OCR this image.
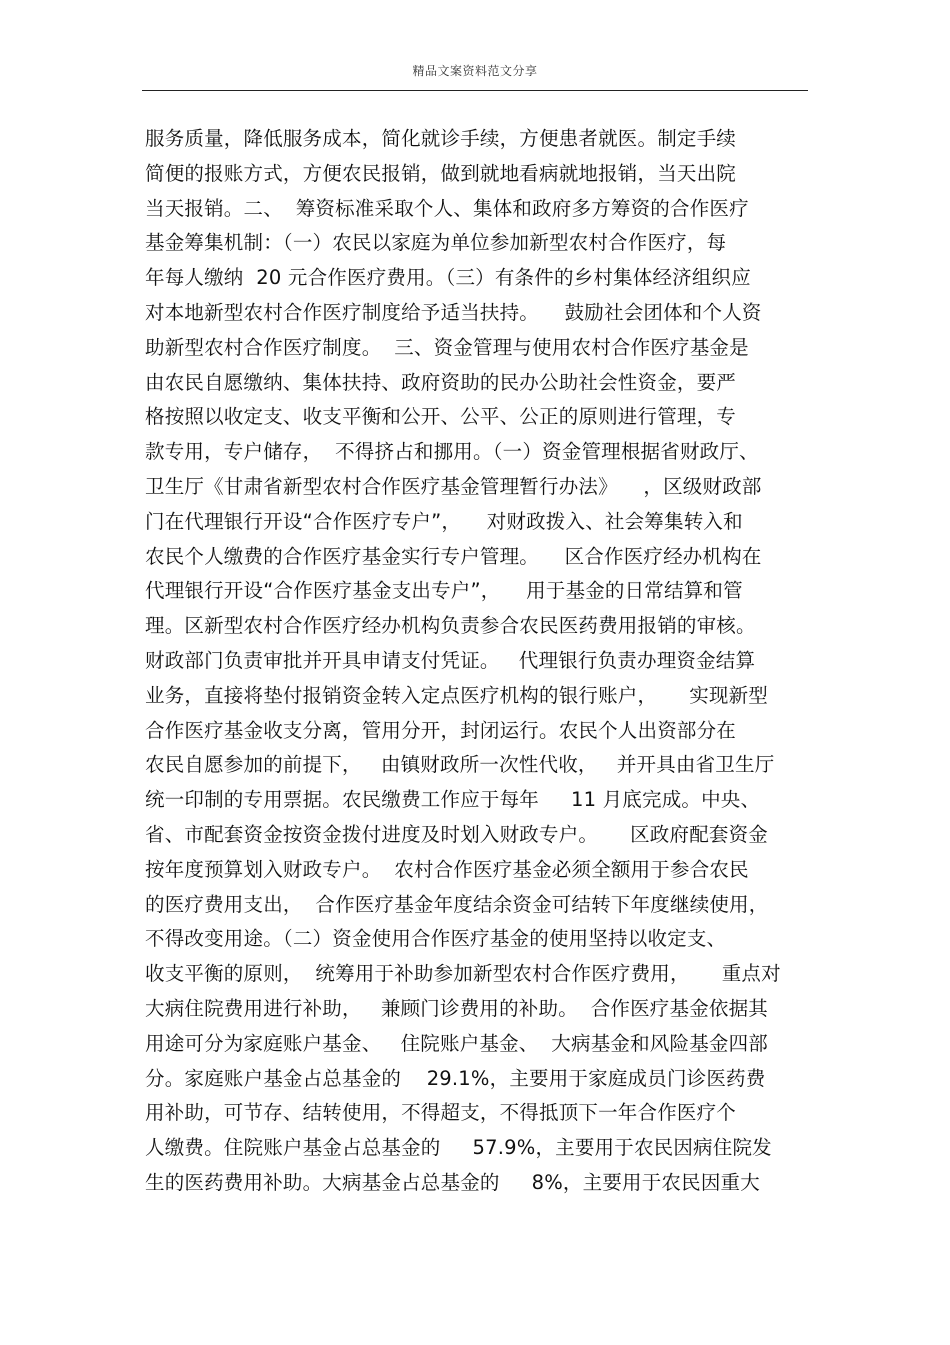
精品文案资料范文分享
服务质量，降低服务成本，简化就诊手续，方便患者就医。制定手续
简便的报账方式，方便农民报销，做到就地看病就地报销，当天出院
当天报销。二、  筹资标准采取个人、集体和政府多方筹资的合作医疗
基金筹集机制：（一）农民以家庭为单位参加新型农村合作医疗，每
年每人缴纳  20 元合作医疗费用。（三）有条件的乡村集体经济组织应
对本地新型农村合作医疗制度给予适当扶持。    鼓励社会团体和个人资
助新型农村合作医疗制度。  三、资金管理与使用农村合作医疗基金是
由农民自愿缴纳、集体扶持、政府资助的民办公助社会性资金，要严
格按照以收定支、收支平衡和公开、公平、公正的原则进行管理，专
款专用，专户储存，  不得挤占和挪用。（一）资金管理根据省财政厅、
卫生厅《甘肃省新型农村合作医疗基金管理暂行办法》    ，区级财政部
门在代理银行开设“合作医疗专户”，    对财政拨入、社会筹集转入和
农民个人缴费的合作医疗基金实行专户管理。    区合作医疗经办机构在
代理银行开设“合作医疗基金支出专户”，    用于基金的日常结算和管
理。区新型农村合作医疗经办机构负责参合农民医药费用报销的审核。
财政部门负责审批并开具申请支付凭证。   代理银行负责办理资金结算
业务，直接将垫付报销资金转入定点医疗机构的银行账户，     实现新型
合作医疗基金收支分离，管用分开，封闭运行。农民个人出资部分在
农民自愿参加的前提下，   由镇财政所一次性代收，   并开具由省卫生厅
统一印制的专用票据。农民缴费工作应于每年     11 月底完成。中央、
省、市配套资金按资金拨付进度及时划入财政专户。     区政府配套资金
按年度预算划入财政专户。  农村合作医疗基金必须全额用于参合农民
的医疗费用支出，  合作医疗基金年度结余资金可结转下年度继续使用，
不得改变用途。（二）资金使用合作医疗基金的使用坚持以收定支、
收支平衡的原则，  统筹用于补助参加新型农村合作医疗费用，     重点对
大病住院费用进行补助，   兼顾门诊费用的补助。  合作医疗基金依据其
用途可分为家庭账户基金、   住院账户基金、  大病基金和风险基金四部
分。家庭账户基金占总基金的    29.1%，主要用于家庭成员门诊医药费
用补助，可节存、结转使用，不得超支，不得抵顶下一年合作医疗个
人缴费。住院账户基金占总基金的     57.9%，主要用于农民因病住院发
生的医药费用补助。大病基金占总基金的     8%，主要用于农民因重大
